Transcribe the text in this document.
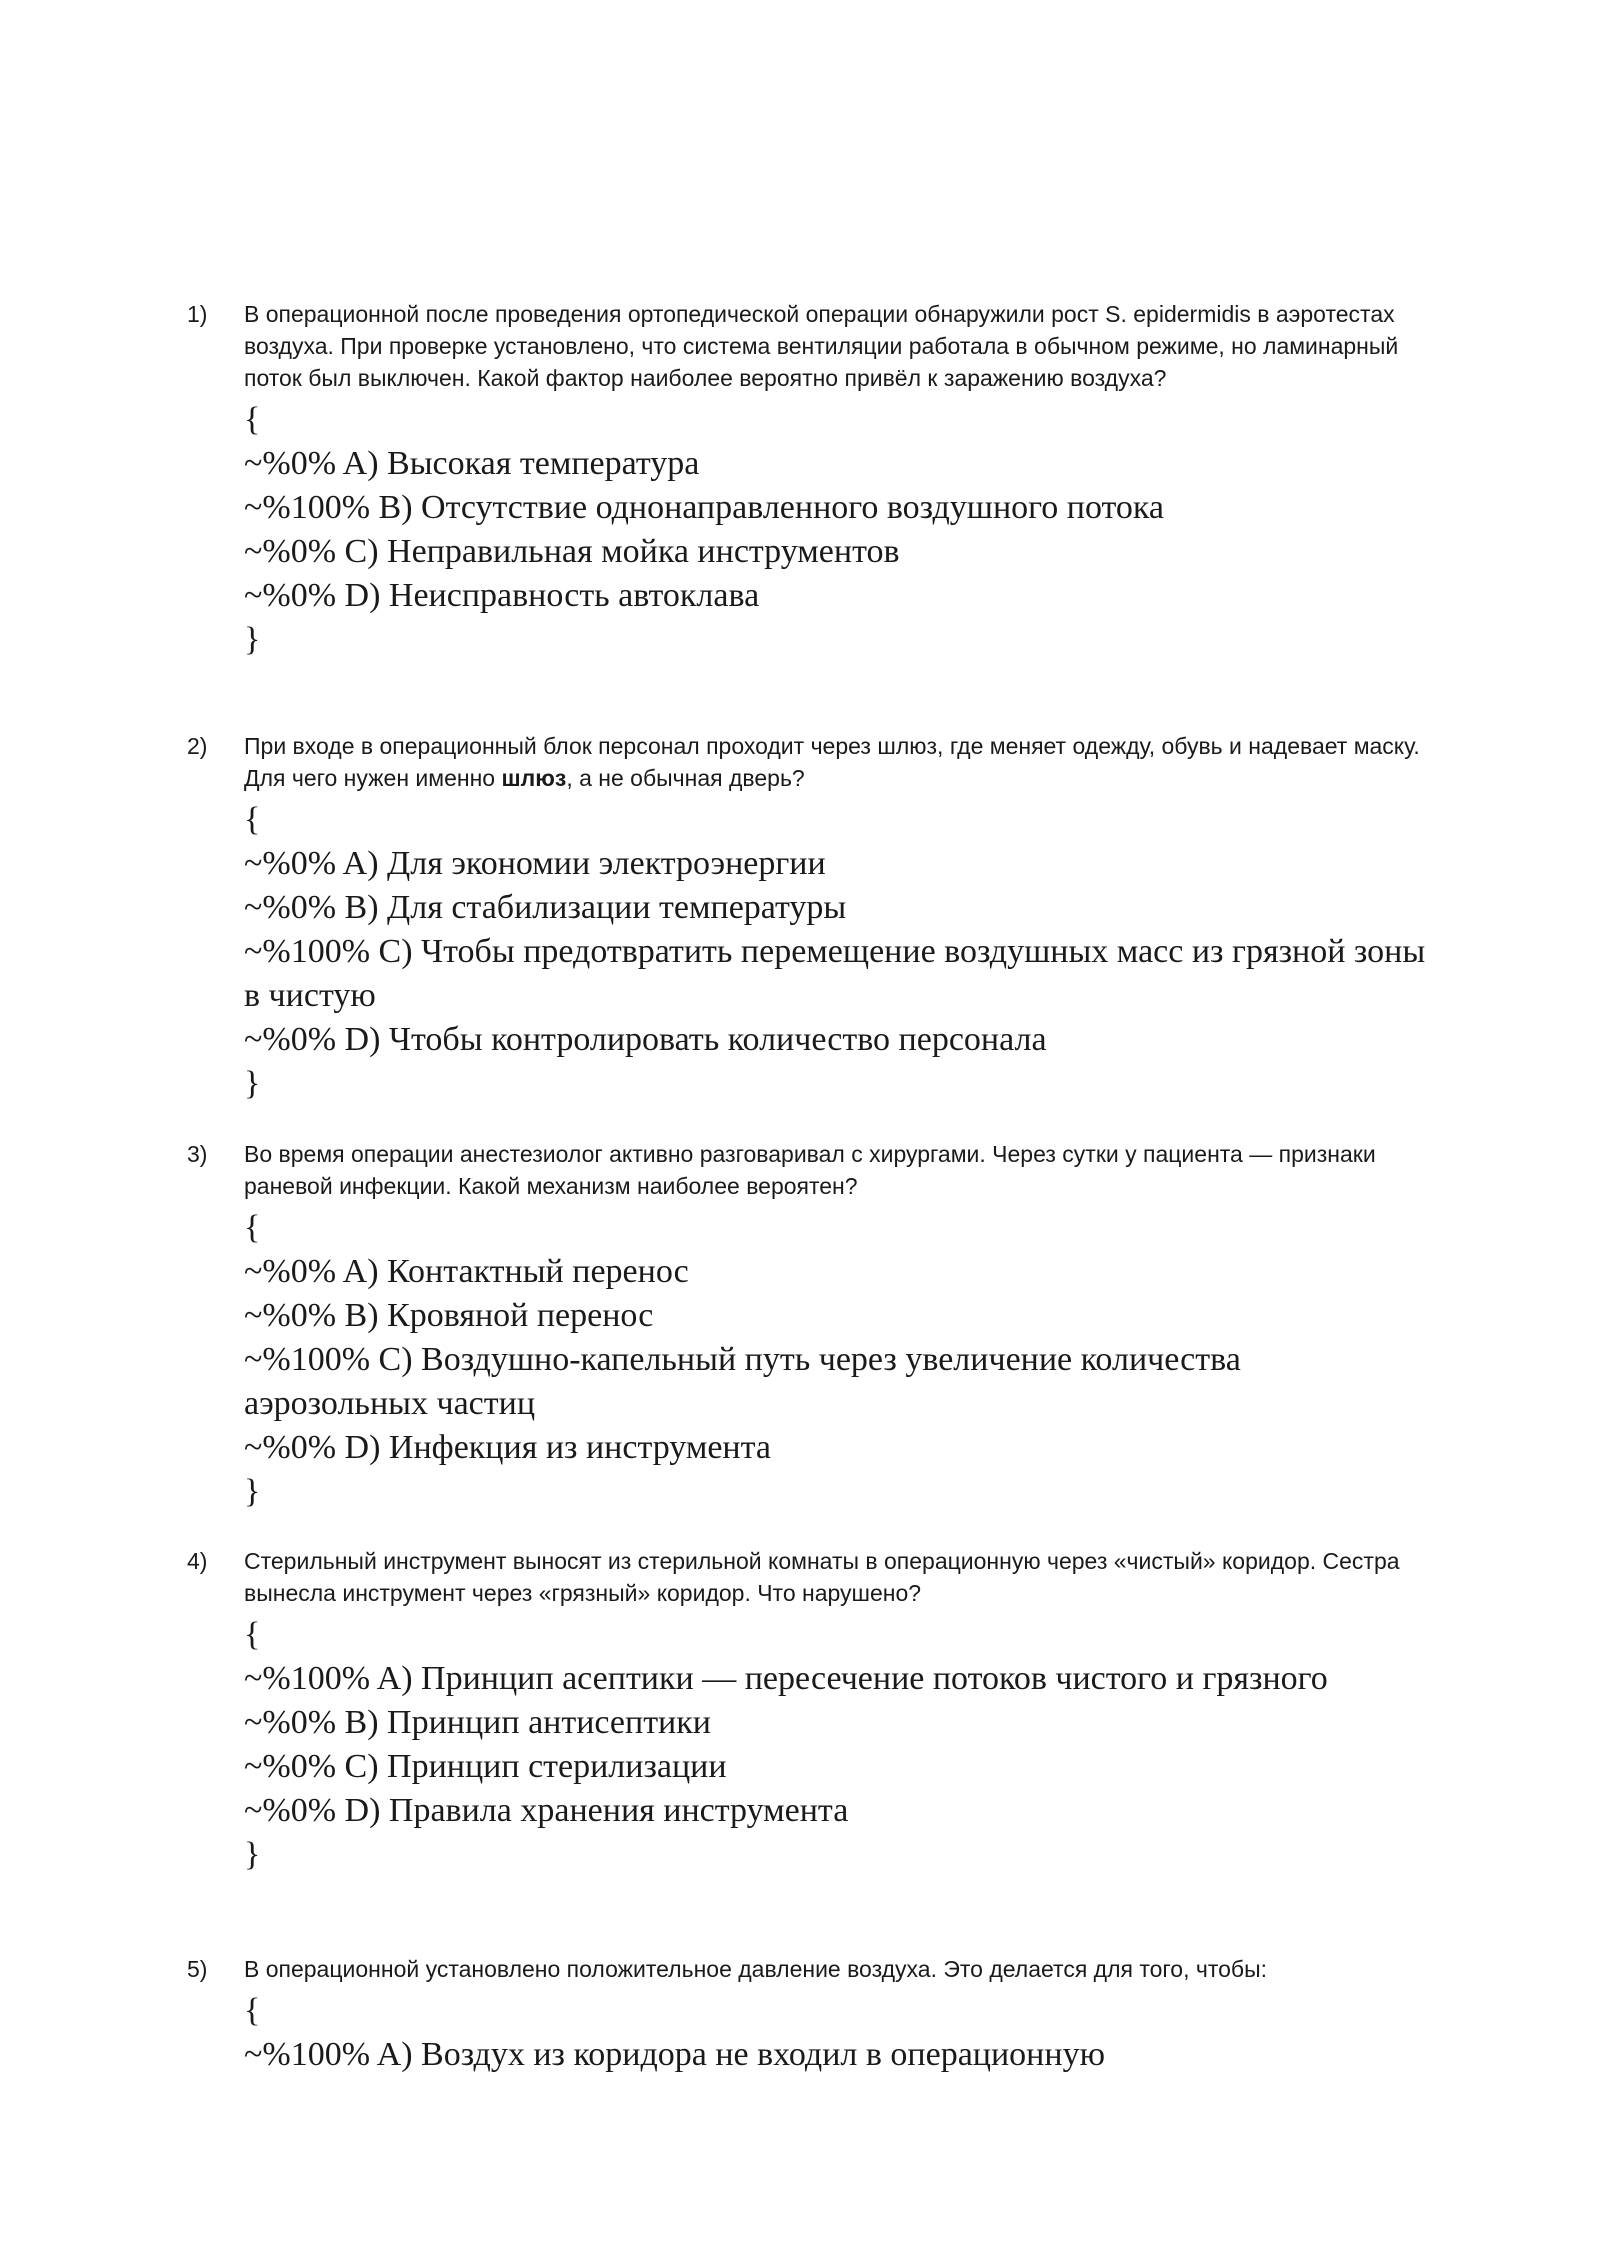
1) В операционной после проведения ортопедической операции обнаружили рост S. epidermidis в аэротестах воздуха. При проверке установлено, что система вентиляции работала в обычном режиме, но ламинарный поток был выключен. Какой фактор наиболее вероятно привёл к заражению воздуха?
{
~%0% A) Высокая температура
~%100% B) Отсутствие однонаправленного воздушного потока
~%0% C) Неправильная мойка инструментов
~%0% D) Неисправность автоклава
}
2) При входе в операционный блок персонал проходит через шлюз, где меняет одежду, обувь и надевает маску. Для чего нужен именно шлюз, а не обычная дверь?
{
~%0% A) Для экономии электроэнергии
~%0% B) Для стабилизации температуры
~%100% C) Чтобы предотвратить перемещение воздушных масс из грязной зоны в чистую
~%0% D) Чтобы контролировать количество персонала
}
3) Во время операции анестезиолог активно разговаривал с хирургами. Через сутки у пациента — признаки раневой инфекции. Какой механизм наиболее вероятен?
{
~%0% A) Контактный перенос
~%0% B) Кровяной перенос
~%100% C) Воздушно-капельный путь через увеличение количества аэрозольных частиц
~%0% D) Инфекция из инструмента
}
4) Стерильный инструмент выносят из стерильной комнаты в операционную через «чистый» коридор. Сестра вынесла инструмент через «грязный» коридор. Что нарушено?
{
~%100% A) Принцип асептики — пересечение потоков чистого и грязного
~%0% B) Принцип антисептики
~%0% C) Принцип стерилизации
~%0% D) Правила хранения инструмента
}
5) В операционной установлено положительное давление воздуха. Это делается для того, чтобы:
{
~%100% A) Воздух из коридора не входил в операционную
